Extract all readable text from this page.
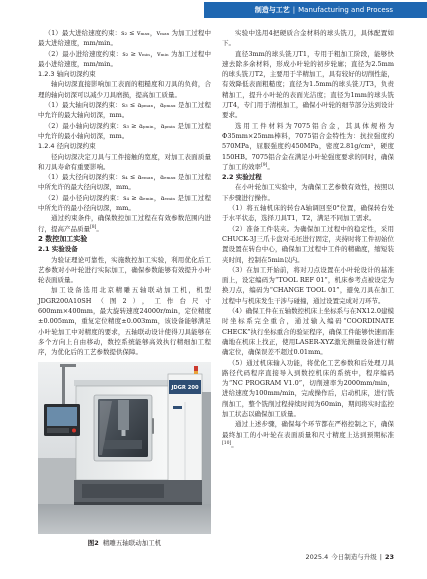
制造与工艺 | Manufacturing and Process

（1）最大进给速度约束：s₂ ≤ vₘₐₓ，vₘₐₓ 为加工过程中最大进给速度，mm/min。

（2）最小进给速度约束：s₂ ≥ vₘᵢₙ，vₘᵢₙ 为加工过程中最小进给速度，mm/min。

1.2.3 轴向切深约束

轴向切深直接影响加工表面的粗糙度和刀具的负荷，合理的轴向切深可以减少刀具磨损，提高加工质量。

（1）最大轴向切深约束：s₃ ≤ aₚₘₐₓ，aₚₘₐₓ 是加工过程中允许的最大轴向切深，mm。

（2）最小轴向切深约束：s₃ ≥ aₚₘᵢₙ，aₚₘᵢₙ 是加工过程中允许的最小轴向切深，mm。

1.2.4 径向切深约束

径向切深决定刀具与工件接触的宽度，对加工表面质量和刀具寿命有重要影响。

（1）最大径向切深约束：s₄ ≤ aₑₘₐₓ，aₑₘₐₓ 是加工过程中所允许的最大径向切深，mm。

（2）最小径向切深约束：s₄ ≥ aₑₘᵢₙ，aₑₘᵢₙ 是加工过程中所允许的最小径向切深，mm。

通过约束条件，确保数控加工过程在有效参数范围内进行，提高产品质量[8]。

2 数控加工实验
2.1 实验设备

为验证理论可靠性，实施数控加工实验，利用优化后工艺参数对小叶轮进行实际加工，确保参数能够有效提升小叶轮表面质量。

加工设备选用北京精雕五轴联动加工机，机型JDGR200A10SH（图2），工作台尺寸600mm×400mm，最大旋转速度24000r/min，定位精度±0.005mm，重复定位精度±0.003mm，该设备能够满足小叶轮加工中对精度的要求，五轴联动设计使得刀具能够在多个方向上自由移动，数控系统能够高效执行精细加工程序，为优化后的工艺参数提供保障。

JDGR 200
图2 精雕五轴联动加工机

实验中选用4把硬质合金材料的球头铣刀，具体配置如下。

直径3mm的球头铣刀T1，专用于粗加工阶段，能够快速去除多余材料，形成小叶轮的初步轮廓；直径为2.5mm的球头铣刀T2，主要用于半精加工，具有较好的切削性能，有效降低表面粗糙度；直径为1.5mm的球头铣刀T3，负责精加工，提升小叶轮的表面光洁度；直径为1mm的球头铣刀T4，专门用于清根加工，确保小叶轮的细节部分达到设计要求。

选用工件材料为7075铝合金，其具体规格为Φ35mm×25mm棒料，7075铝合金特性为：抗拉强度约570MPa，屈服强度约450MPa，密度2.81g/cm³，硬度150HB。7075铝合金在满足小叶轮强度要求的同时，确保了加工的效率[9]。

2.2 实验过程

在小叶轮加工实验中，为确保工艺参数有效性，按照以下步骤进行操作。

（1）将五轴机床的转台A轴调回至0°位置，确保转台处于水平状态，选择刀具T1，T2，满足不同加工需求。

（2）准备工件装夹。为确保加工过程中的稳定性，采用CHUCK-3J三爪卡盘对毛坯进行固定，夹持时将工件初始位置设置在转台中心，确保加工过程中工件的精确度，缩短装夹时间，控制在5min以内。

（3）在加工开始前，将对刀点设置在小叶轮设计的基准面上，设定编码为“TOOL REF 01”，机床参考点被设定为换刀点，编码为“CHANGE TOOL 01”，避免刀具在加工过程中与机床发生干涉与碰撞，通过设置完成对刀环节。

（4）确保工件在五轴数控机床上坐标系与在NX12.0建模时坐标系完全重合，通过输入编码“COORDINATE CHECK”执行坐标重合的验证程序，确保工件能够快速而准确地在机床上找正，使用LASER-XYZ激光测量设备进行精确定位，确保误差不超过0.01mm。

（5）通过机床输入功能，将优化工艺参数和后处理刀具路径代码程序直接导入到数控机床的系统中，程序编码为“NC PROGRAM V1.0”，切削速率为2000mm/min，进给速度为100mm/min，完成操作后，启动机床，进行铣削加工，整个铣削过程持续时间为60min，期间将实时监控加工状态以确保加工质量。

通过上述步骤，确保每个环节都在严格控制之下，确保最终加工的小叶轮在表面质量和尺寸精度上达到预期标准[10]。

2025.4 今日制造与升级 | 23
